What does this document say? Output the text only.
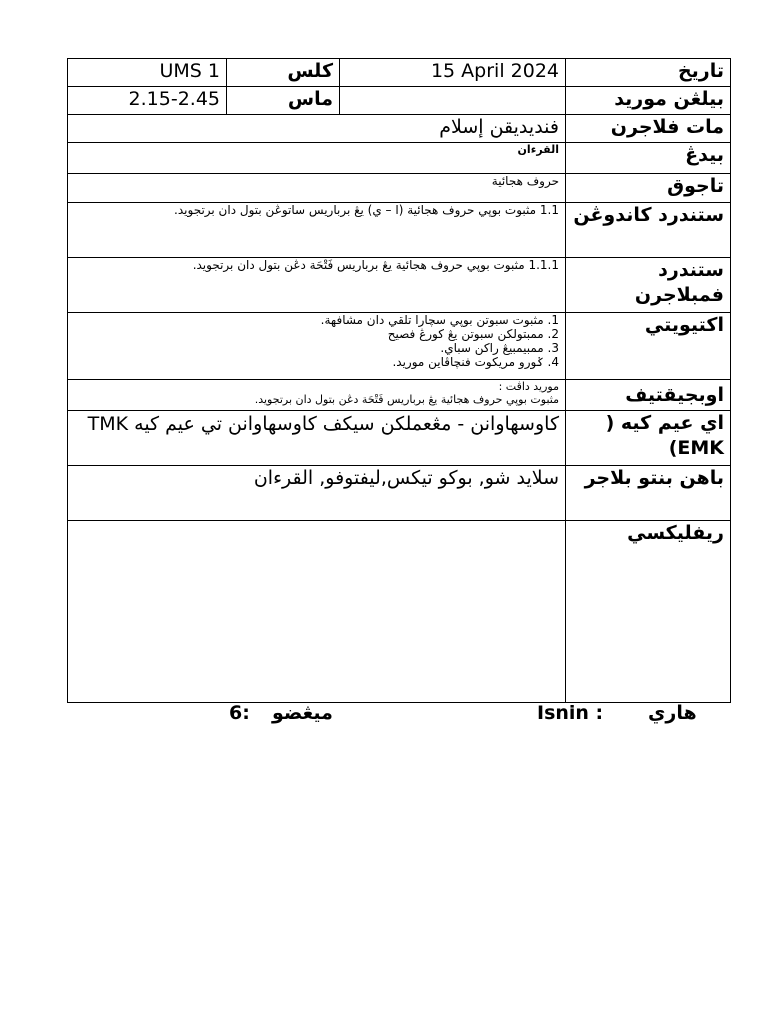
UMS 1	کلس	15 April 2024	تاريخ
2.15-2.45	ماس		بيلڠن موريد
فنديديقن إسلام			مات فلاجرن
القرءان			بيدڠ
حروف هجائية			تاجوق
1.1 مثبوت بوڽي حروف هجائية (ا – ي) يڠ برباريس ساتوڠن بتول دان برتجويد.			ستندرد كاندوڠن
1.1.1 مثبوت بوڽي حروف هجائية يڠ برباريس فَتْحَة دڠن بتول دان برتجويد.			ستندرد فمبلاجرن

1. مثبوت سبوتن بوڽي سچارا تلقي دان مشافهة.
2. ممبتولكن سبوتن يڠ كورڠ فصيح
3. ممبيمبيڠ راكن سباي.
4. ݢورو مريكوت فنچاڤاين موريد.			اكتيويتي

موريد داڤت :
مثبوت بوڽي حروف هجائية يڠ برباريس فَتْحَة دڠن بتول دان برتجويد.			اوبجيقتيف
كاوسهاوانن - مڠعملكن سيكف كاوسهاوانن تي عيم كيه TMK			اي عيم كيه ( EMK)
سلايد شو, بوكو تيكس,ليفتوفو, القرءان			باهن بنتو بلاجر
			ريفليكسي
هاري
Isnin :
ميڠضو
6:
